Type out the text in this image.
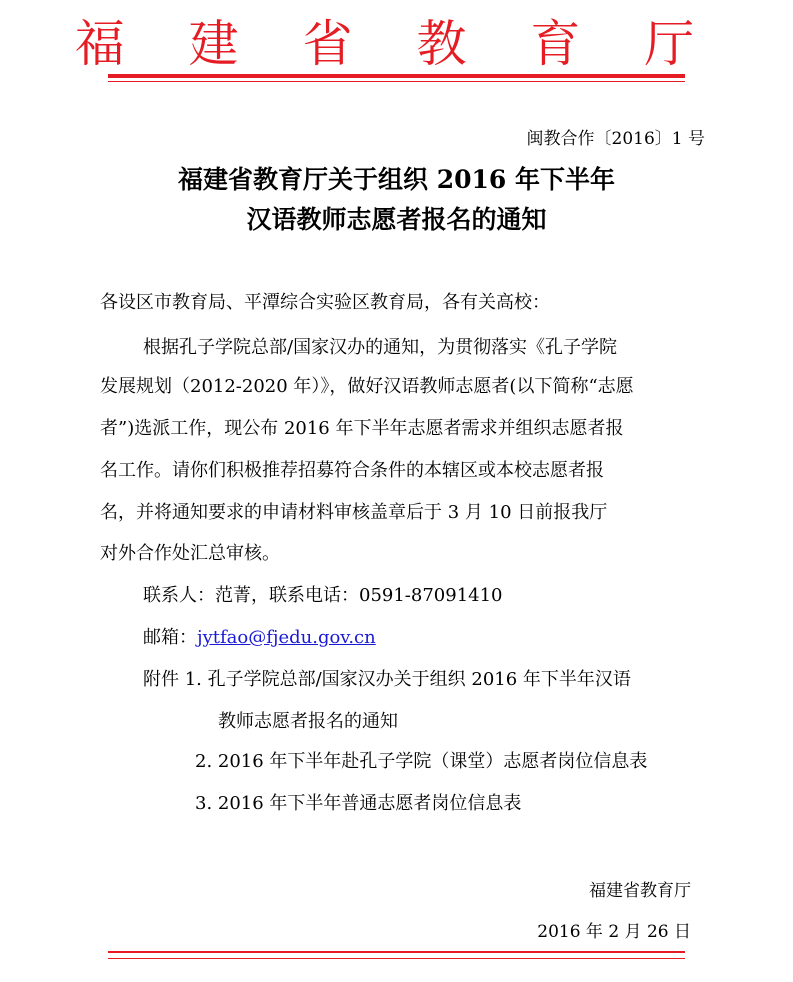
福 建 省 教 育 厅
闽教合作〔2016〕1 号
福建省教育厅关于组织 2016 年下半年
汉语教师志愿者报名的通知
各设区市教育局、平潭综合实验区教育局，各有关高校：
根据孔子学院总部/国家汉办的通知，为贯彻落实《孔子学院
发展规划（2012-2020 年）》，做好汉语教师志愿者(以下简称“志愿
者”)选派工作，现公布 2016 年下半年志愿者需求并组织志愿者报
名工作。请你们积极推荐招募符合条件的本辖区或本校志愿者报
名，并将通知要求的申请材料审核盖章后于 3 月 10 日前报我厅
对外合作处汇总审核。
联系人：范菁，联系电话：0591-87091410
邮箱：jytfao@fjedu.gov.cn
附件 1. 孔子学院总部/国家汉办关于组织 2016 年下半年汉语
教师志愿者报名的通知
2. 2016 年下半年赴孔子学院（课堂）志愿者岗位信息表
3. 2016 年下半年普通志愿者岗位信息表
福建省教育厅
2016 年 2 月 26 日
